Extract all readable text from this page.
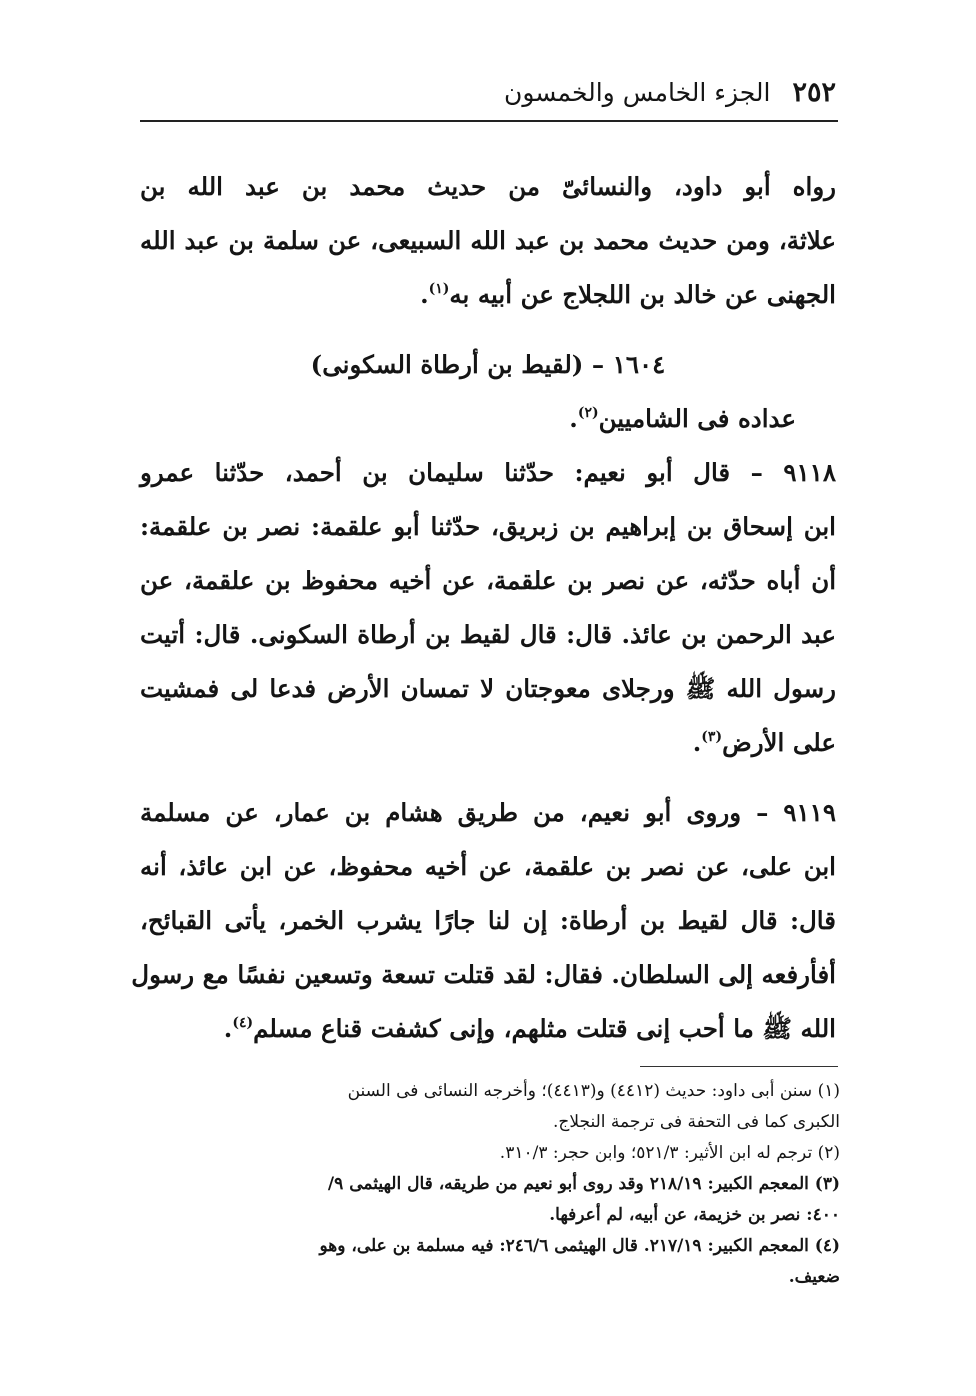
٢٥٢
الجزء الخامس والخمسون
رواه أبو داود، والنسائىّ من حديث محمد بن عبد الله بن
علاثة، ومن حديث محمد بن عبد الله السبيعى، عن سلمة بن عبد الله
الجهنى عن خالد بن اللجلاج عن أبيه به$^{(١)}$.
١٦٠٤ – (لقيط بن أرطاة السكونى)
عداده فى الشاميين$^{(٢)}$.
٩١١٨ – قال أبو نعيم: حدّثنا سليمان بن أحمد، حدّثنا عمرو
ابن إسحاق بن إبراهيم بن زبريق، حدّثنا أبو علقمة: نصر بن علقمة:
أن أباه حدّثه، عن نصر بن علقمة، عن أخيه محفوظ بن علقمة، عن
عبد الرحمن بن عائذ. قال: قال لقيط بن أرطاة السكونى. قال: أتيت
رسول الله ﷺ ورجلاى معوجتان لا تمسان الأرض فدعا لى فمشيت
على الأرض$^{(٣)}$.
٩١١٩ – وروى أبو نعيم، من طريق هشام بن عمار، عن مسلمة
ابن على، عن نصر بن علقمة، عن أخيه محفوظ، عن ابن عائذ، أنه
قال: قال لقيط بن أرطاة: إن لنا جارًا يشرب الخمر، يأتى القبائح،
أفأرفعه إلى السلطان. فقال: لقد قتلت تسعة وتسعين نفسًا مع رسول
الله ﷺ ما أحب إنى قتلت مثلهم، وإنى كشفت قناع مسلم$^{(٤)}$.
(١) سنن أبى داود: حديث (٤٤١٢) و(٤٤١٣)؛ وأخرجه النسائى فى السنن
الكبرى كما فى التحفة فى ترجمة النجلاج.
(٢) ترجم له ابن الأثير: ٥٢١/٣؛ وابن حجر: ٣١٠/٣.
(٣) المعجم الكبير: ٢١٨/١٩ وقد روى أبو نعيم من طريقه، قال الهيثمى ٩/
٤٠٠: نصر بن خزيمة، عن أبيه، لم أعرفها.
(٤) المعجم الكبير: ٢١٧/١٩. قال الهيثمى ٢٤٦/٦: فيه مسلمة بن على، وهو
ضعيف.
